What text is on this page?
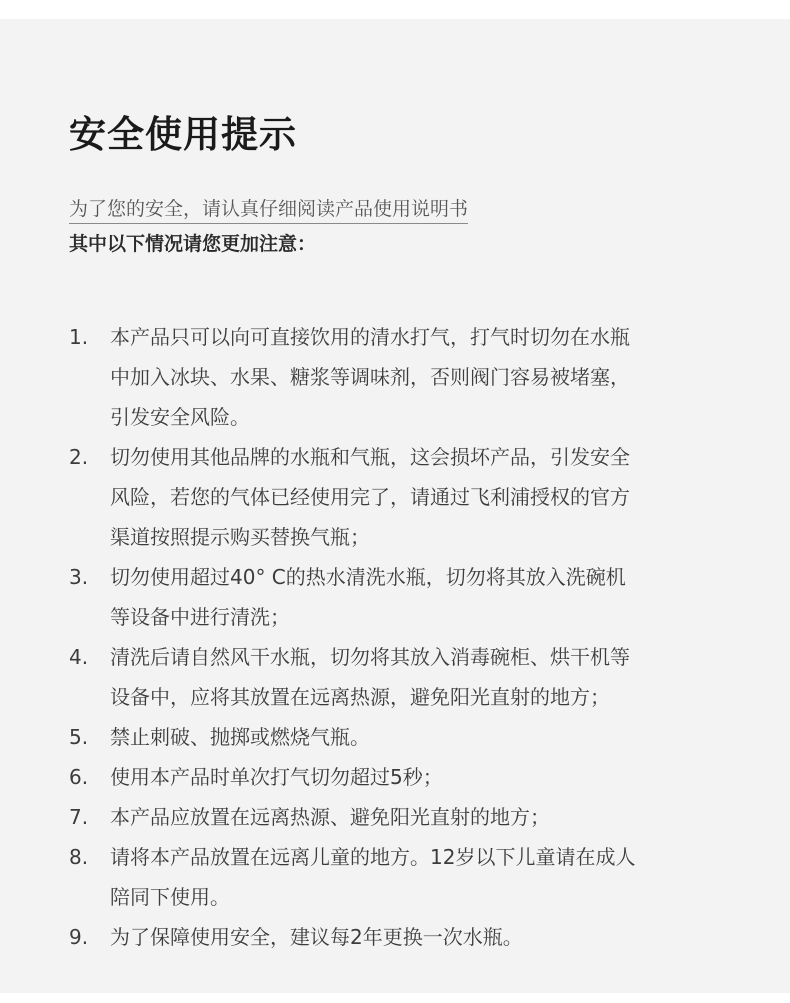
安全使用提示
为了您的安全，请认真仔细阅读产品使用说明书
其中以下情况请您更加注意：
1. 本产品只可以向可直接饮用的清水打气，打气时切勿在水瓶
中加入冰块、水果、糖浆等调味剂，否则阀门容易被堵塞，
引发安全风险。
2. 切勿使用其他品牌的水瓶和气瓶，这会损坏产品，引发安全
风险，若您的气体已经使用完了，请通过飞利浦授权的官方
渠道按照提示购买替换气瓶；
3. 切勿使用超过40° C的热水清洗水瓶，切勿将其放入洗碗机
等设备中进行清洗；
4. 清洗后请自然风干水瓶，切勿将其放入消毒碗柜、烘干机等
设备中，应将其放置在远离热源，避免阳光直射的地方；
5. 禁止刺破、抛掷或燃烧气瓶。
6. 使用本产品时单次打气切勿超过5秒；
7. 本产品应放置在远离热源、避免阳光直射的地方；
8. 请将本产品放置在远离儿童的地方。12岁以下儿童请在成人
陪同下使用。
9. 为了保障使用安全，建议每2年更换一次水瓶。
